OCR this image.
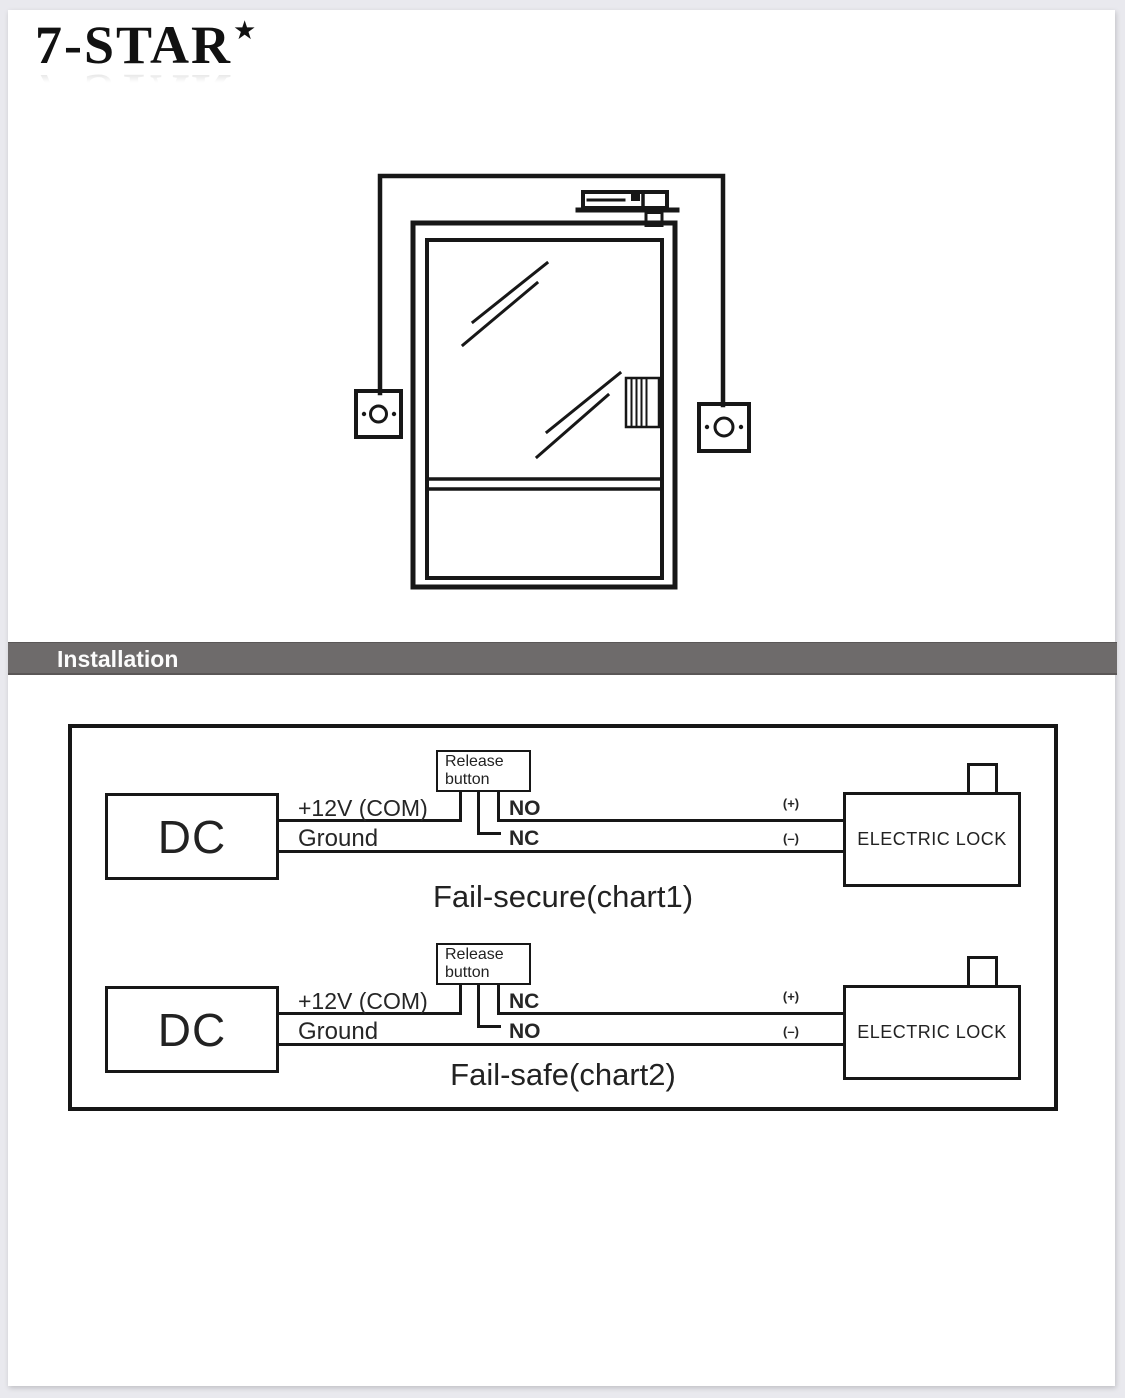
7-STAR★
Installation
DC
Release
button
ELECTRIC LOCK
+12V (COM)
Ground
NO
NC
(+)
(–)
Fail-secure(chart1)
DC
Release
button
ELECTRIC LOCK
+12V (COM)
Ground
NC
NO
(+)
(–)
Fail-safe(chart2)
